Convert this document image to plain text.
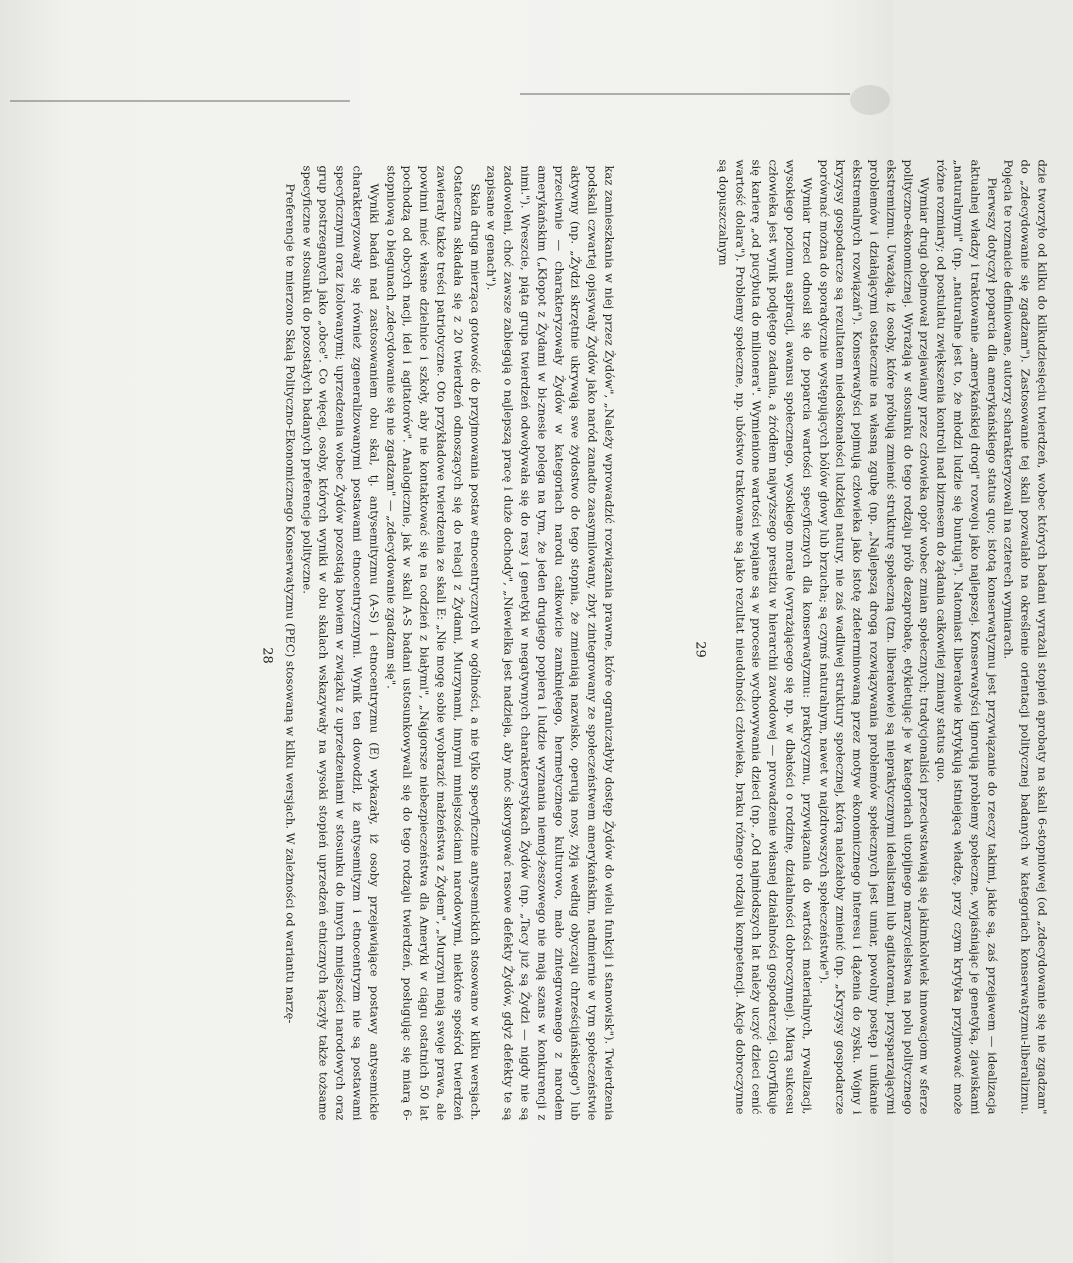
kaz zamieszkania w niej przez Żydów", „Należy wprowadzić rozwiązania prawne, które ograniczałyby dostęp Żydów do wielu funkcji i stanowisk"). Twierdzenia podskali czwartej opisywały Żydów jako naród zanadto zaasymilowany, zbyt zintegrowany ze społeczeństwem amerykańskim, nadmiernie w tym społeczeństwie aktywny (np. „Żydzi skrzętnie ukrywają swe żydostwo do tego stopnia, że zmieniają nazwisko, operują nosy, żyją według obyczaju chrześcijańskiego") lub przeciwnie — charakteryzowały Żydów w kategoriach narodu całkowicie zamkniętego, hermetycznego kulturowo, mało zintegrowanego z narodem amerykańskim („Kłopot z Żydami w bi-znesie polega na tym, że jeden drugiego popiera i ludzie wyznania niemoj-żeszowego nie mają szans w konkurencji z nimi."). Wreszcie, piąta grupa twierdzeń odwoływała się do rasy i genetyki w negatywnych charakterystykach Żydów (np. „Tacy już są Żydzi — nigdy nie są zadowoleni, choć zawsze zabiegają o najlepszą pracę i duże dochody", „Niewielka jest nadzieja, aby móc skorygować rasowe defekty Żydów, gdyż defekty te są zapisane w genach").

Skala druga mierząca gotowość do przyjmowania postaw etnocentrycznych w ogólności, a nie tylko specyficznie antysemickich stosowano w kilku wersjach. Ostateczna składała się z 20 twierdzeń odnoszących się do relacji z Żydami, Murzynami, innymi mniejszościami narodowymi, niektóre spośród twierdzeń zawierały także treści patriotyczne. Oto przykładowe twierdzenia ze skali E: „Nie mogę sobie wyobrazić małżeństwa z Żydem", „Murzyni mają swoje prawa, ale powinni mieć własne dzielnice i szkoły, aby nie kontaktować się na codzień z białymi", „Najgorsze niebezpieczeństwa dla Ameryki w ciągu ostatnich 50 lat pochodzą od obcych nacji, idei i agitatorów". Analogicznie, jak w skali A-S badani ustosunkowywali się do tego rodzaju twierdzeń, posługując się miarą 6-stopniową o biegunach „zdecydowanie się nie zgadzam" — „zdecydowanie zgadzam się".

Wyniki badań nad zastosowaniem obu skal, tj. antysemityzmu (A-S) i etnocentryzmu (E) wykazały, iż osoby przejawiające postawy antysemickie charakteryzowały się również zgeneralizowanymi postawami etnocentrycznymi. Wynik ten dowodził, iż antysemityzm i etnocentryzm nie są postawami specyficznymi oraz izolowanymi; uprzedzenia wobec Żydów pozostają bowiem w związku z uprzedzeniami w stosunku do innych mniejszości narodowych oraz grup postrzeganych jako „obce". Co więcej, osoby, których wyniki w obu skalach wskazywały na wysoki stopień uprzedzeń etnicznych łączyły także tożsame specyficzne w stosunku do pozostałych badanych preferencje polityczne.

Preferencje te mierzono Skalą Polityczno-Ekonomicznego Konserwatyzmu (PEC) stosowaną w kilku wersjach. W zależności od wariantu narzę-

28	dzie tworzyło od kilku do kilkudziesięciu twierdzeń, wobec których badani wyrażali stopień aprobaty na skali 6-stopniowej (od „zdecydowanie się nie zgadzam" do „zdecydowanie się zgadzam"). Zastosowanie tej skali pozwalało na określenie orientacji politycznej badanych w kategoriach konserwatyzmu-liberalizmu. Pojęcia te rozmaicie definiowane, autorzy scharakteryzowali na czterech wymiarach.

Pierwszy dotyczył poparcia dla amerykańskiego status quo; istotą konserwatyzmu jest przywiązanie do rzeczy takimi, jakie są, zaś przejawem — idealizacja aktualnej władzy i traktowanie „amerykańskiej drogi" rozwoju jako najlepszej. Konserwatyści ignorują problemy społeczne, wyjaśniając je genetyką, zjawiskami „naturalnymi" (np. „naturalne jest to, że młodzi ludzie się buntują"). Natomiast liberałowie krytykują istniejącą władzę, przy czym krytyka przyjmować może różne rozmiary; od postulatu zwiększenia kontroli nad biznesem do żądania całkowitej zmiany status quo.

Wymiar drugi obejmował przejawiany przez człowieka opór wobec zmian społecznych; tradycjonaliści przeciwstawiają się jakimkolwiek innowacjom w sferze polityczno-ekonomicznej. Wyrażają w stosunku do tego rodzaju prób dezaprobatę, etykietując je w kategoriach utopijnego marzycielstwa na polu politycznego ekstremizmu. Uważają, iż osoby, które próbują zmienić strukturę społeczną (tzn. liberałowie) są niepraktycznymi idealistami lub agitatorami, przysparzającymi problemów i działającymi ostatecznie na własną zgubę (np. „Najlepszą drogą rozwiązywania problemów społecznych jest umiar, powolny postęp i unikanie ekstremalnych rozwiązań"). Konserwatyści pojmują człowieka jako istotę zdeterminowaną przez motyw ekonomicznego interesu i dążenia do zysku. Wojny i kryzysy gospodarcze są rezultatem niedoskonałości ludzkiej natury, nie zaś wadliwej struktury społecznej, którą należałoby zmienić (np. „Kryzysy gospodarcze porównać można do sporadycznie występujących bólów głowy lub brzucha; są czymś naturalnym, nawet w najzdrowszych społeczeństwie").

Wymiar trzeci odnosił się do poparcia wartości specyficznych dla konserwatyzmu: praktycyzmu, przywiązania do wartości materialnych, rywalizacji, wysokiego poziomu aspiracji, awansu społecznego, wysokiego morale (wyrażającego się np. w dbałości o rodzinę, działalności dobroczynnej). Miarą sukcesu człowieka jest wynik podjętego zadania, a źródłem najwyższego prestiżu w hierarchii zawodowej — prowadzenie własnej działalności gospodarczej. Gloryfikuje się karierę „od pucybuta do milionera". Wymienione wartości wpajane są w procesie wychowywania dzieci (np. „Od najmłodszych lat należy uczyć dzieci cenić wartość dolara"). Problemy społeczne, np. ubóstwo traktowane są jako rezultat nieudolności człowieka, braku różnego rodzaju kompetencji. Akcje dobroczynne są dopuszczalnym

29
